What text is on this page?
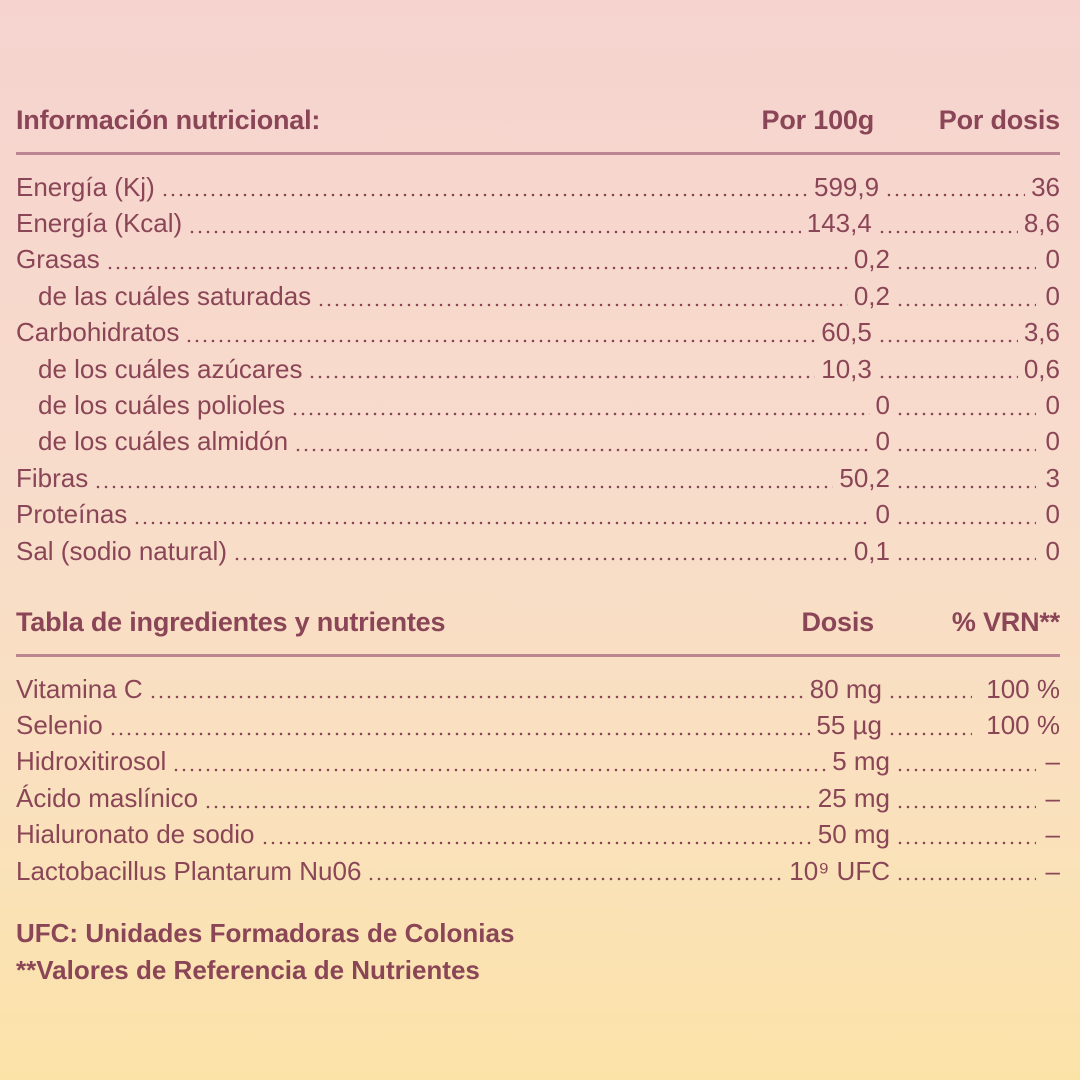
Información nutricional:	Por 100g	Por dosis
Energía (Kj)	599,9	36
Energía (Kcal)	143,4	8,6
Grasas	0,2	0
de las cuáles saturadas	0,2	0
Carbohidratos	60,5	3,6
de los cuáles azúcares	10,3	0,6
de los cuáles polioles	0	0
de los cuáles almidón	0	0
Fibras	50,2	3
Proteínas	0	0
Sal (sodio natural)	0,1	0
Tabla de ingredientes y nutrientes	Dosis	% VRN**
Vitamina C	80 mg	100 %
Selenio	55 µg	100 %
Hidroxitirosol	5 mg	–
Ácido maslínico	25 mg	–
Hialuronato de sodio	50 mg	–
Lactobacillus Plantarum Nu06	10⁹ UFC	–
UFC: Unidades Formadoras de Colonias
**Valores de Referencia de Nutrientes
